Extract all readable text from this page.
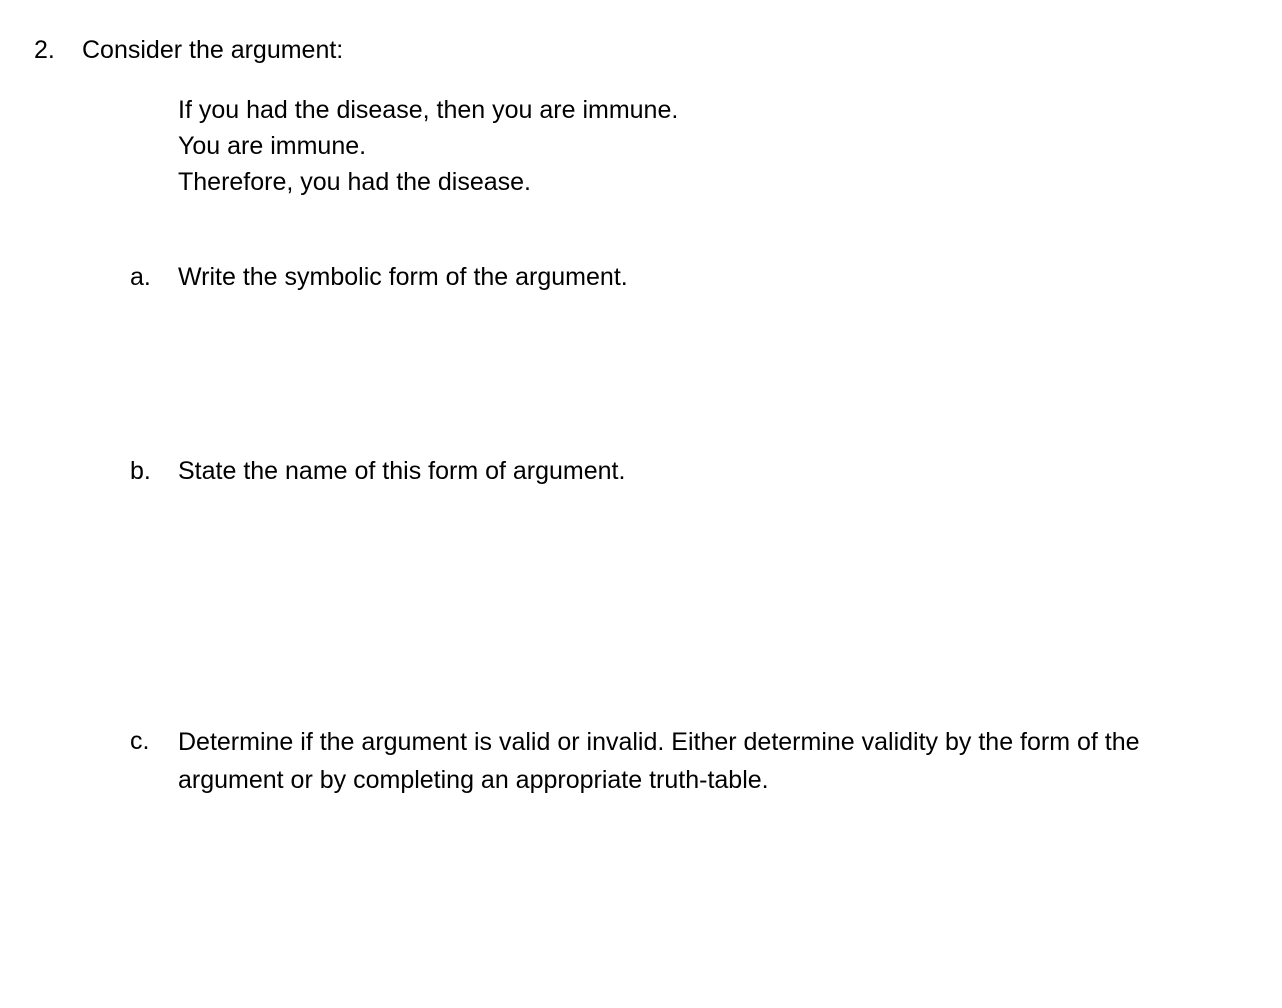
2. Consider the argument:
If you had the disease, then you are immune.
You are immune.
Therefore, you had the disease.
a. Write the symbolic form of the argument.
b. State the name of this form of argument.
c. Determine if the argument is valid or invalid. Either determine validity by the form of the argument or by completing an appropriate truth-table.
